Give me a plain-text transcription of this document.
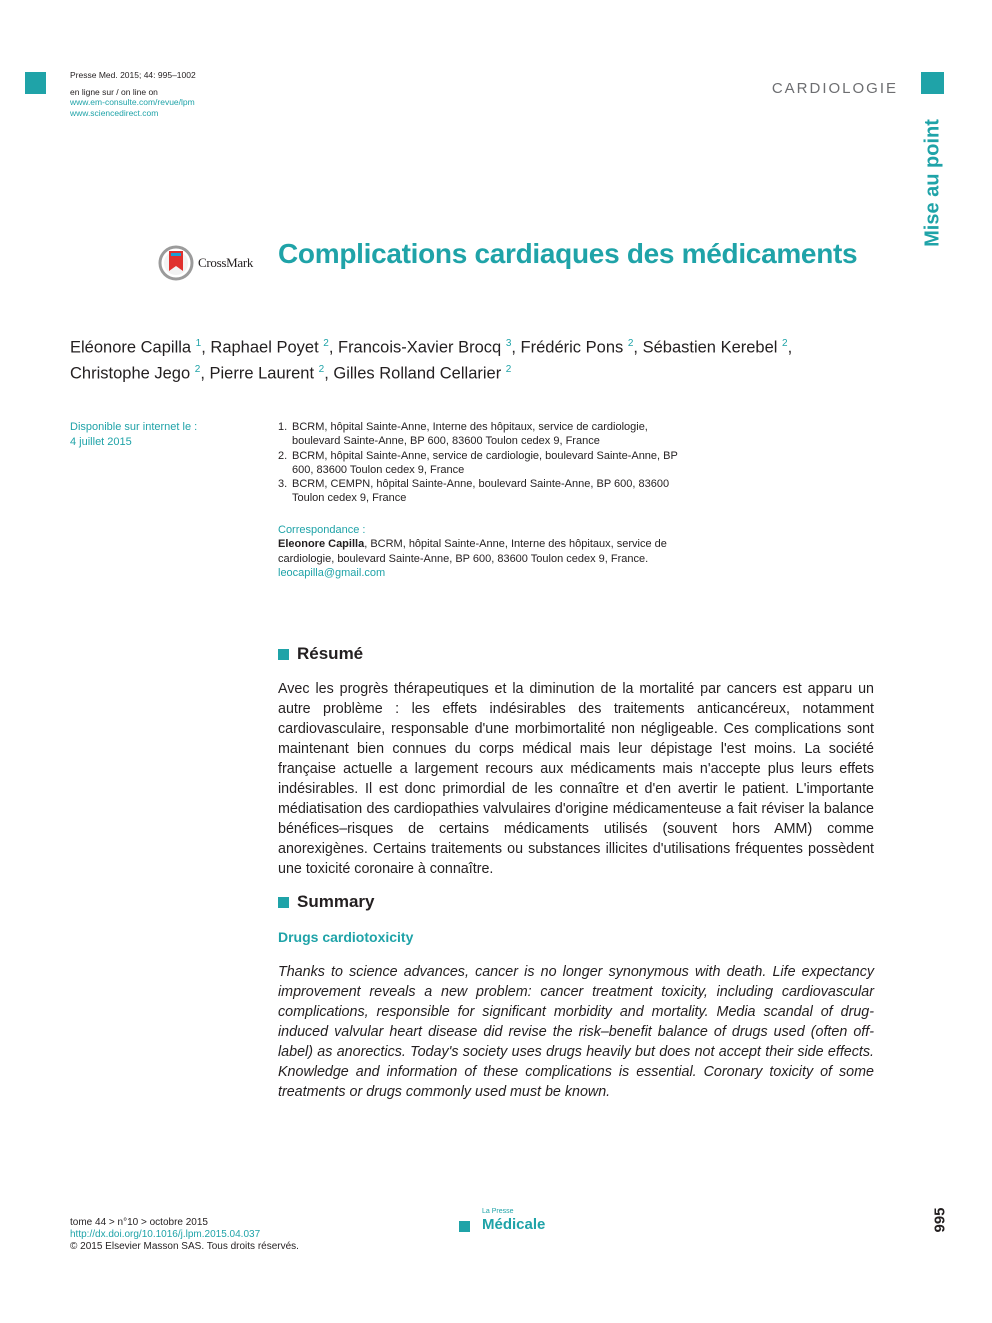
Presse Med. 2015; 44: 995–1002
en ligne sur / on line on
www.em-consulte.com/revue/lpm
www.sciencedirect.com
CARDIOLOGIE
Mise au point
CrossMark Complications cardiaques des médicaments
Eléonore Capilla $^1$, Raphael Poyet $^2$, Francois-Xavier Brocq $^3$, Frédéric Pons $^2$, Sébastien Kerebel $^2$,
Christophe Jego $^2$, Pierre Laurent $^2$, Gilles Rolland Cellarier $^2$
Disponible sur internet le :
4 juillet 2015
1. BCRM, hôpital Sainte-Anne, Interne des hôpitaux, service de cardiologie, boulevard Sainte-Anne, BP 600, 83600 Toulon cedex 9, France
2. BCRM, hôpital Sainte-Anne, service de cardiologie, boulevard Sainte-Anne, BP 600, 83600 Toulon cedex 9, France
3. BCRM, CEMPN, hôpital Sainte-Anne, boulevard Sainte-Anne, BP 600, 83600 Toulon cedex 9, France
Correspondance :
Eleonore Capilla, BCRM, hôpital Sainte-Anne, Interne des hôpitaux, service de cardiologie, boulevard Sainte-Anne, BP 600, 83600 Toulon cedex 9, France.
leocapilla@gmail.com
Résumé

Avec les progrès thérapeutiques et la diminution de la mortalité par cancers est apparu un autre problème : les effets indésirables des traitements anticancéreux, notamment cardiovasculaire, responsable d'une morbimortalité non négligeable. Ces complications sont maintenant bien connues du corps médical mais leur dépistage l'est moins. La société française actuelle a largement recours aux médicaments mais n'accepte plus leurs effets indésirables. Il est donc primordial de les connaître et d'en avertir le patient. L'importante médiatisation des cardiopathies valvulaires d'origine médicamenteuse a fait réviser la balance bénéfices–risques de certains médicaments utilisés (souvent hors AMM) comme anorexigènes. Certains traitements ou substances illicites d'utilisations fréquentes possèdent une toxicité coronaire à connaître.

Summary
Drugs cardiotoxicity

Thanks to science advances, cancer is no longer synonymous with death. Life expectancy improvement reveals a new problem: cancer treatment toxicity, including cardiovascular complications, responsible for significant morbidity and mortality. Media scandal of drug-induced valvular heart disease did revise the risk–benefit balance of drugs used (often off-label) as anorectics. Today's society uses drugs heavily but does not accept their side effects. Knowledge and information of these complications is essential. Coronary toxicity of some treatments or drugs commonly used must be known.

tome 44 > n°10 > octobre 2015
http://dx.doi.org/10.1016/j.lpm.2015.04.037
© 2015 Elsevier Masson SAS. Tous droits réservés.
La Presse
Médicale	995
